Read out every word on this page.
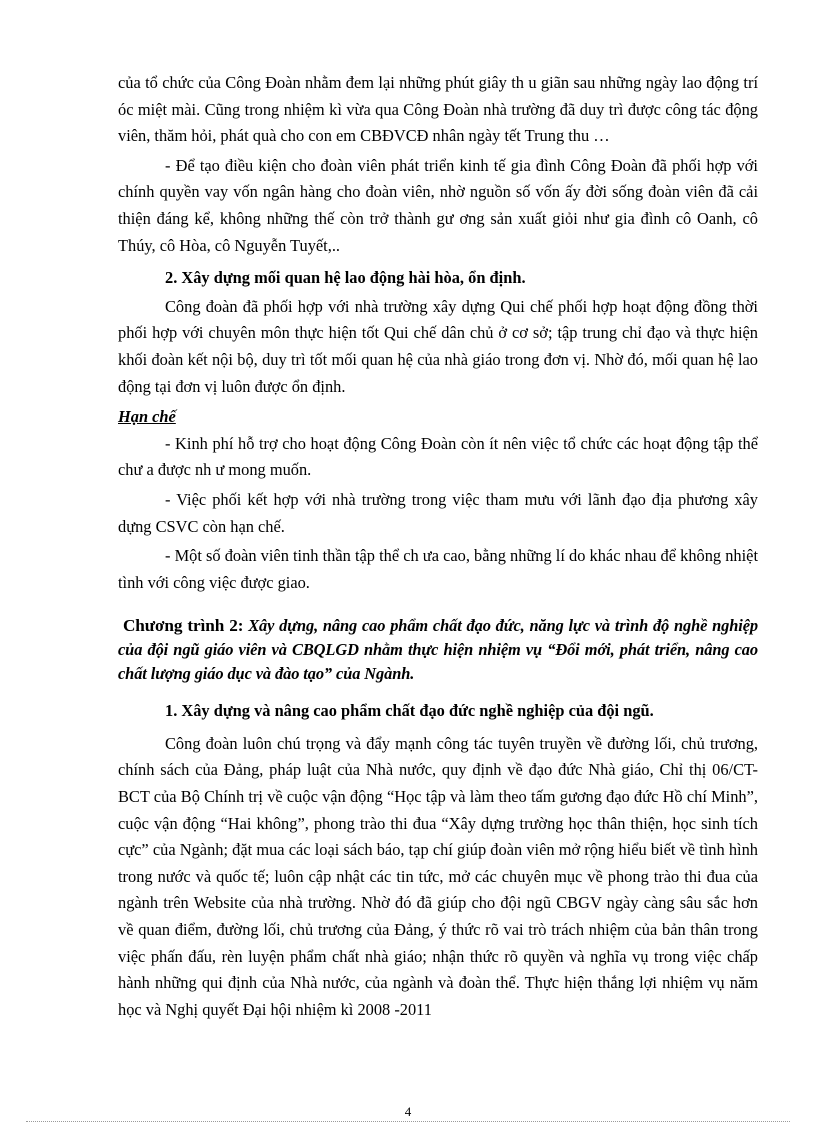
của tổ chức của Công Đoàn nhằm đem lại những phút giây th u giãn sau những ngày lao động trí óc miệt mài. Cũng trong nhiệm kì vừa qua Công Đoàn nhà trường đã duy trì được công tác động viên, thăm hỏi, phát quà cho con em CBĐVCĐ nhân ngày tết Trung thu …

- Để tạo điều kiện cho đoàn viên phát triển kinh tế gia đình Công Đoàn đã phối hợp với chính quyền vay vốn ngân hàng cho đoàn viên, nhờ nguồn số vốn ấy đời sống đoàn viên đã cải thiện đáng kể, không những thế còn trở thành gư ơng sản xuất giỏi như gia đình cô Oanh, cô Thúy, cô Hòa, cô Nguyễn Tuyết,..

2. Xây dựng mối quan hệ lao động hài hòa, ổn định.

Công đoàn đã phối hợp với nhà trường xây dựng Qui chế phối hợp hoạt động đồng thời phối hợp với chuyên môn thực hiện tốt Qui chế dân chủ ở cơ sở; tập trung chỉ đạo và thực hiện khối đoàn kết nội bộ, duy trì tốt mối quan hệ của nhà giáo trong đơn vị. Nhờ đó, mối quan hệ lao động tại đơn vị luôn được ổn định.

Hạn chế

- Kinh phí hỗ trợ cho hoạt động Công Đoàn còn ít nên việc tổ chức các hoạt động tập thể chư a được nh ư mong muốn.

- Việc phối kết hợp với nhà trường trong việc tham mưu với lãnh đạo địa phương xây dựng CSVC còn hạn chế.

- Một số đoàn viên tinh thần tập thể ch ưa cao, bằng những lí do khác nhau để không nhiệt tình với công việc được giao.

Chương trình 2: Xây dựng, nâng cao phẩm chất đạo đức, năng lực và trình độ nghề nghiệp của đội ngũ giáo viên và CBQLGD nhằm thực hiện nhiệm vụ “Đổi mới, phát triển, nâng cao chất lượng giáo dục và đào tạo” của Ngành.

1. Xây dựng và nâng cao phẩm chất đạo đức nghề nghiệp của đội ngũ.

Công đoàn luôn chú trọng và đẩy mạnh công tác tuyên truyền về đường lối, chủ trương, chính sách của Đảng, pháp luật của Nhà nước, quy định về đạo đức Nhà giáo, Chỉ thị 06/CT-BCT của Bộ Chính trị về cuộc vận động “Học tập và làm theo tấm gương đạo đức Hồ chí Minh”, cuộc vận động “Hai không”, phong trào thi đua “Xây dựng trường học thân thiện, học sinh tích cực” của Ngành; đặt mua các loại sách báo, tạp chí giúp đoàn viên mở rộng hiểu biết về tình hình trong nước và quốc tế; luôn cập nhật các tin tức, mở các chuyên mục về phong trào thi đua của ngành trên Website của nhà trường. Nhờ đó đã giúp cho đội ngũ CBGV ngày càng sâu sắc hơn về quan điểm, đường lối, chủ trương của Đảng, ý thức rõ vai trò trách nhiệm của bản thân trong việc phấn đấu, rèn luyện phẩm chất nhà giáo; nhận thức rõ quyền và nghĩa vụ trong việc chấp hành những qui định của Nhà nước, của ngành và đoàn thể. Thực hiện thắng lợi nhiệm vụ năm học và Nghị quyết Đại hội nhiệm kì 2008 -2011

4
